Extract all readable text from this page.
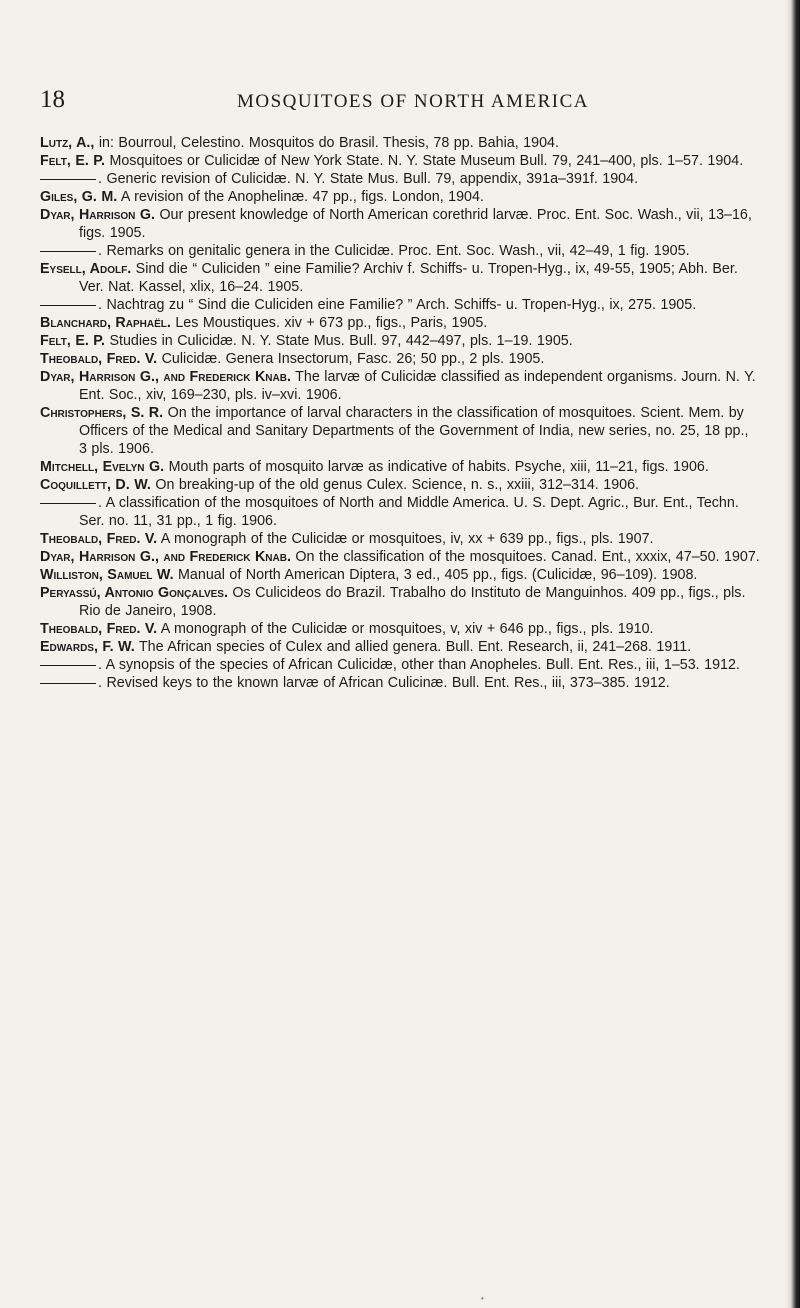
18	MOSQUITOES OF NORTH AMERICA

Lutz, A., in: Bourroul, Celestino. Mosquitos do Brasil. Thesis, 78 pp. Bahia, 1904.

Felt, E. P. Mosquitoes or Culicidæ of New York State. N. Y. State Museum Bull. 79, 241–400, pls. 1–57. 1904.

. Generic revision of Culicidæ. N. Y. State Mus. Bull. 79, appendix, 391a–391f. 1904.

Giles, G. M. A revision of the Anophelinæ. 47 pp., figs. London, 1904.

Dyar, Harrison G. Our present knowledge of North American corethrid larvæ. Proc. Ent. Soc. Wash., vii, 13–16, figs. 1905.

. Remarks on genitalic genera in the Culicidæ. Proc. Ent. Soc. Wash., vii, 42–49, 1 fig. 1905.

Eysell, Adolf. Sind die “ Culiciden ” eine Familie? Archiv f. Schiffs- u. Tropen-Hyg., ix, 49-55, 1905; Abh. Ber. Ver. Nat. Kassel, xlix, 16–24. 1905.

. Nachtrag zu “ Sind die Culiciden eine Familie? ” Arch. Schiffs- u. Tropen-Hyg., ix, 275. 1905.

Blanchard, Raphaël. Les Moustiques. xiv + 673 pp., figs., Paris, 1905.

Felt, E. P. Studies in Culicidæ. N. Y. State Mus. Bull. 97, 442–497, pls. 1–19. 1905.

Theobald, Fred. V. Culicidæ. Genera Insectorum, Fasc. 26; 50 pp., 2 pls. 1905.

Dyar, Harrison G., and Frederick Knab. The larvæ of Culicidæ classified as independent organisms. Journ. N. Y. Ent. Soc., xiv, 169–230, pls. iv–xvi. 1906.

Christophers, S. R. On the importance of larval characters in the classification of mosquitoes. Scient. Mem. by Officers of the Medical and Sanitary Departments of the Government of India, new series, no. 25, 18 pp., 3 pls. 1906.

Mitchell, Evelyn G. Mouth parts of mosquito larvæ as indicative of habits. Psyche, xiii, 11–21, figs. 1906.

Coquillett, D. W. On breaking-up of the old genus Culex. Science, n. s., xxiii, 312–314. 1906.

. A classification of the mosquitoes of North and Middle America. U. S. Dept. Agric., Bur. Ent., Techn. Ser. no. 11, 31 pp., 1 fig. 1906.

Theobald, Fred. V. A monograph of the Culicidæ or mosquitoes, iv, xx + 639 pp., figs., pls. 1907.

Dyar, Harrison G., and Frederick Knab. On the classification of the mosquitoes. Canad. Ent., xxxix, 47–50. 1907.

Williston, Samuel W. Manual of North American Diptera, 3 ed., 405 pp., figs. (Culicidæ, 96–109). 1908.

Peryassú, Antonio Gonçalves. Os Culicideos do Brazil. Trabalho do Instituto de Manguinhos. 409 pp., figs., pls. Rio de Janeiro, 1908.

Theobald, Fred. V. A monograph of the Culicidæ or mosquitoes, v, xiv + 646 pp., figs., pls. 1910.

Edwards, F. W. The African species of Culex and allied genera. Bull. Ent. Research, ii, 241–268. 1911.

. A synopsis of the species of African Culicidæ, other than Anopheles. Bull. Ent. Res., iii, 1–53. 1912.

. Revised keys to the known larvæ of African Culicinæ. Bull. Ent. Res., iii, 373–385. 1912.

•
